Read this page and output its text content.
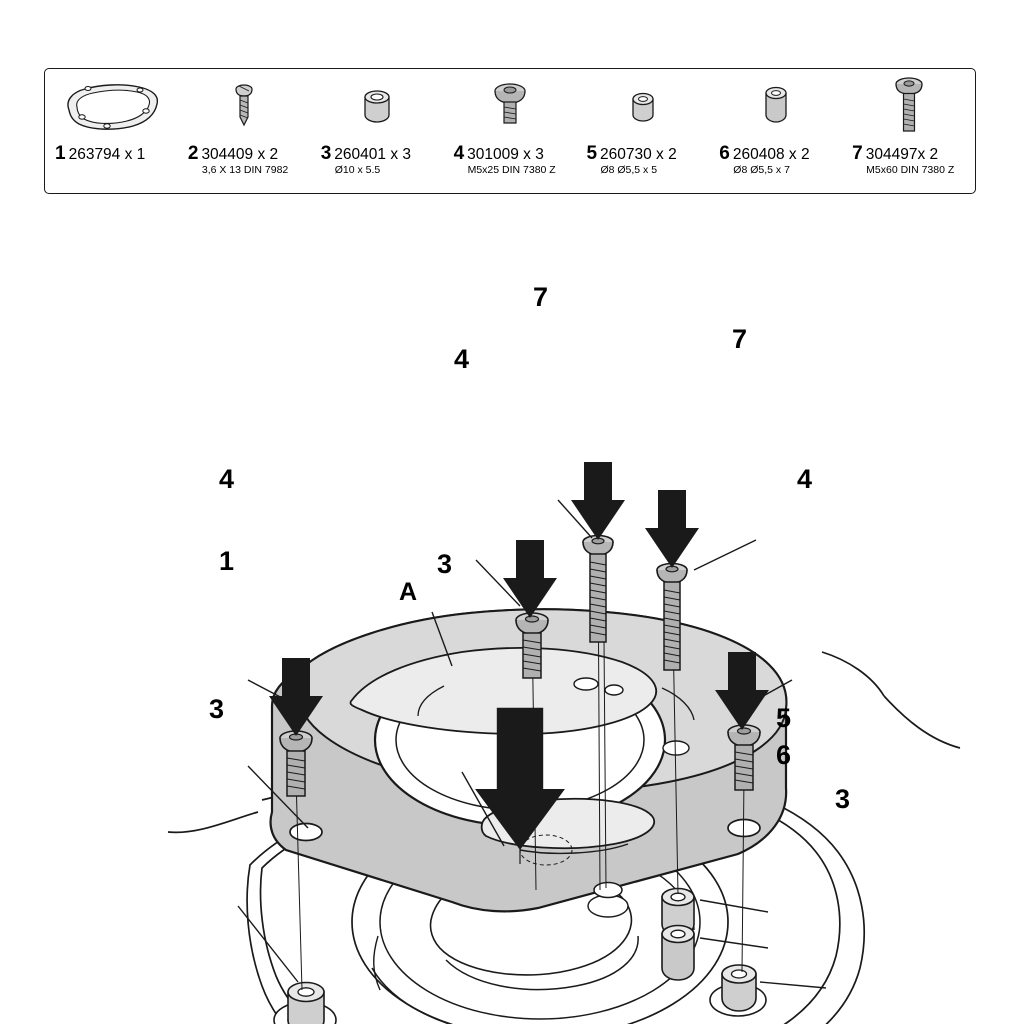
1 263794 x 1	2 304409 x 2
3,6 X 13 DIN 7982
3 260401 x 3
Ø10 x 5.5
4 301009 x 3
M5x25 DIN 7380 Z
5 260730 x 2
Ø8 Ø5,5 x 5
6 260408 x 2
Ø8 Ø5,5 x 7
7 304497x 2
M5x60 DIN 7380 Z
A
7
7
4
4	4
1	3
3	5
6
3
